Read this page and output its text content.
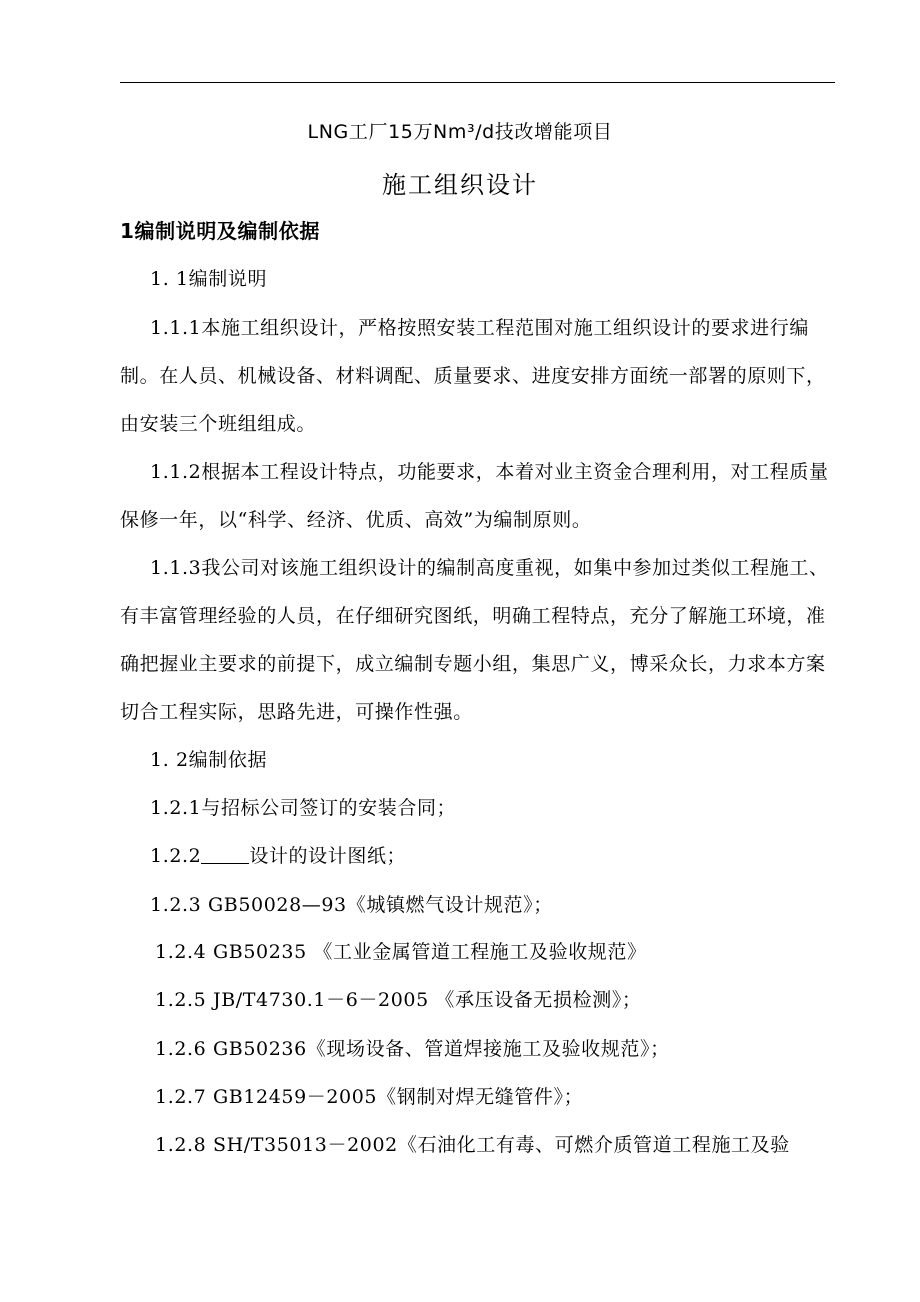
LNG工厂15万Nm³/d技改增能项目
施工组织设计
1编制说明及编制依据
1. 1编制说明
1.1.1本施工组织设计，严格按照安装工程范围对施工组织设计的要求进行编制。在人员、机械设备、材料调配、质量要求、进度安排方面统一部署的原则下，由安装三个班组组成。
1.1.2根据本工程设计特点，功能要求，本着对业主资金合理利用，对工程质量保修一年，以“科学、经济、优质、高效”为编制原则。
1.1.3我公司对该施工组织设计的编制高度重视，如集中参加过类似工程施工、有丰富管理经验的人员，在仔细研究图纸，明确工程特点，充分了解施工环境，准确把握业主要求的前提下，成立编制专题小组，集思广义，博采众长，力求本方案切合工程实际，思路先进，可操作性强。
1. 2编制依据
1.2.1与招标公司签订的安装合同；
1.2.2	设计的设计图纸；
1.2.3 GB50028—93《城镇燃气设计规范》；
1.2.4 GB50235 《工业金属管道工程施工及验收规范》
1.2.5 JB/T4730.1－6－2005 《承压设备无损检测》；
1.2.6 GB50236《现场设备、管道焊接施工及验收规范》；
1.2.7 GB12459－2005《钢制对焊无缝管件》；
1.2.8 SH/T35013－2002《石油化工有毒、可燃介质管道工程施工及验
